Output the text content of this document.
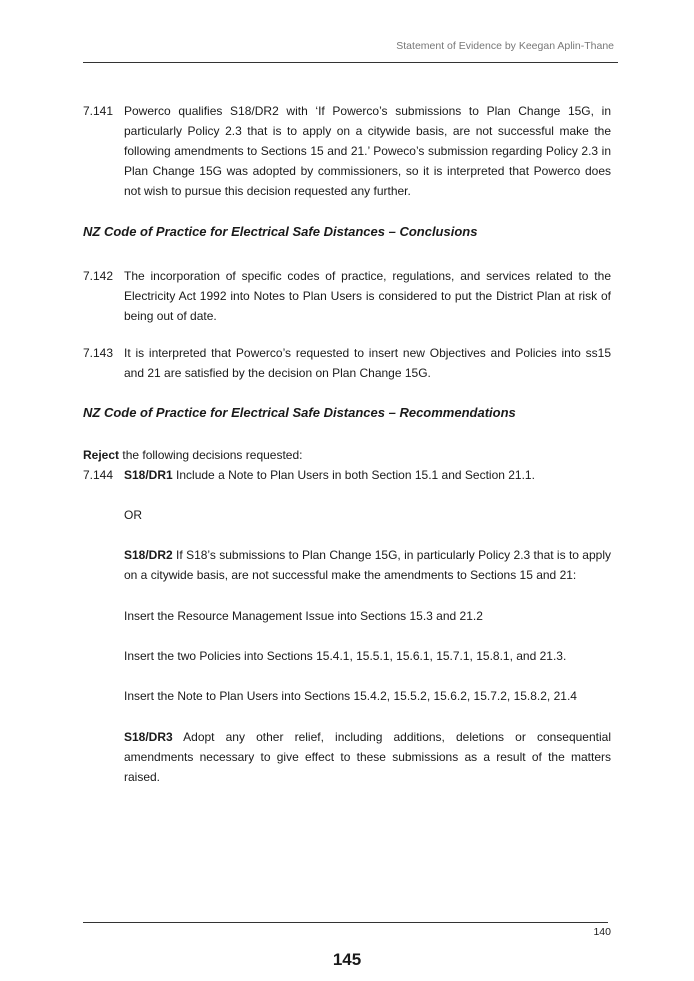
Statement of Evidence by Keegan Aplin-Thane
7.141 Powerco qualifies S18/DR2 with ‘If Powerco’s submissions to Plan Change 15G, in particularly Policy 2.3 that is to apply on a citywide basis, are not successful make the following amendments to Sections 15 and 21.’ Poweco’s submission regarding Policy 2.3 in Plan Change 15G was adopted by commissioners, so it is interpreted that Powerco does not wish to pursue this decision requested any further.
NZ Code of Practice for Electrical Safe Distances – Conclusions
7.142 The incorporation of specific codes of practice, regulations, and services related to the Electricity Act 1992 into Notes to Plan Users is considered to put the District Plan at risk of being out of date.
7.143 It is interpreted that Powerco’s requested to insert new Objectives and Policies into ss15 and 21 are satisfied by the decision on Plan Change 15G.
NZ Code of Practice for Electrical Safe Distances – Recommendations
Reject the following decisions requested:
7.144 S18/DR1 Include a Note to Plan Users in both Section 15.1 and Section 21.1.
OR
S18/DR2 If S18’s submissions to Plan Change 15G, in particularly Policy 2.3 that is to apply on a citywide basis, are not successful make the amendments to Sections 15 and 21:
Insert the Resource Management Issue into Sections 15.3 and 21.2
Insert the two Policies into Sections 15.4.1, 15.5.1, 15.6.1, 15.7.1, 15.8.1, and 21.3.
Insert the Note to Plan Users into Sections 15.4.2, 15.5.2, 15.6.2, 15.7.2, 15.8.2, 21.4
S18/DR3 Adopt any other relief, including additions, deletions or consequential amendments necessary to give effect to these submissions as a result of the matters raised.
140
145
